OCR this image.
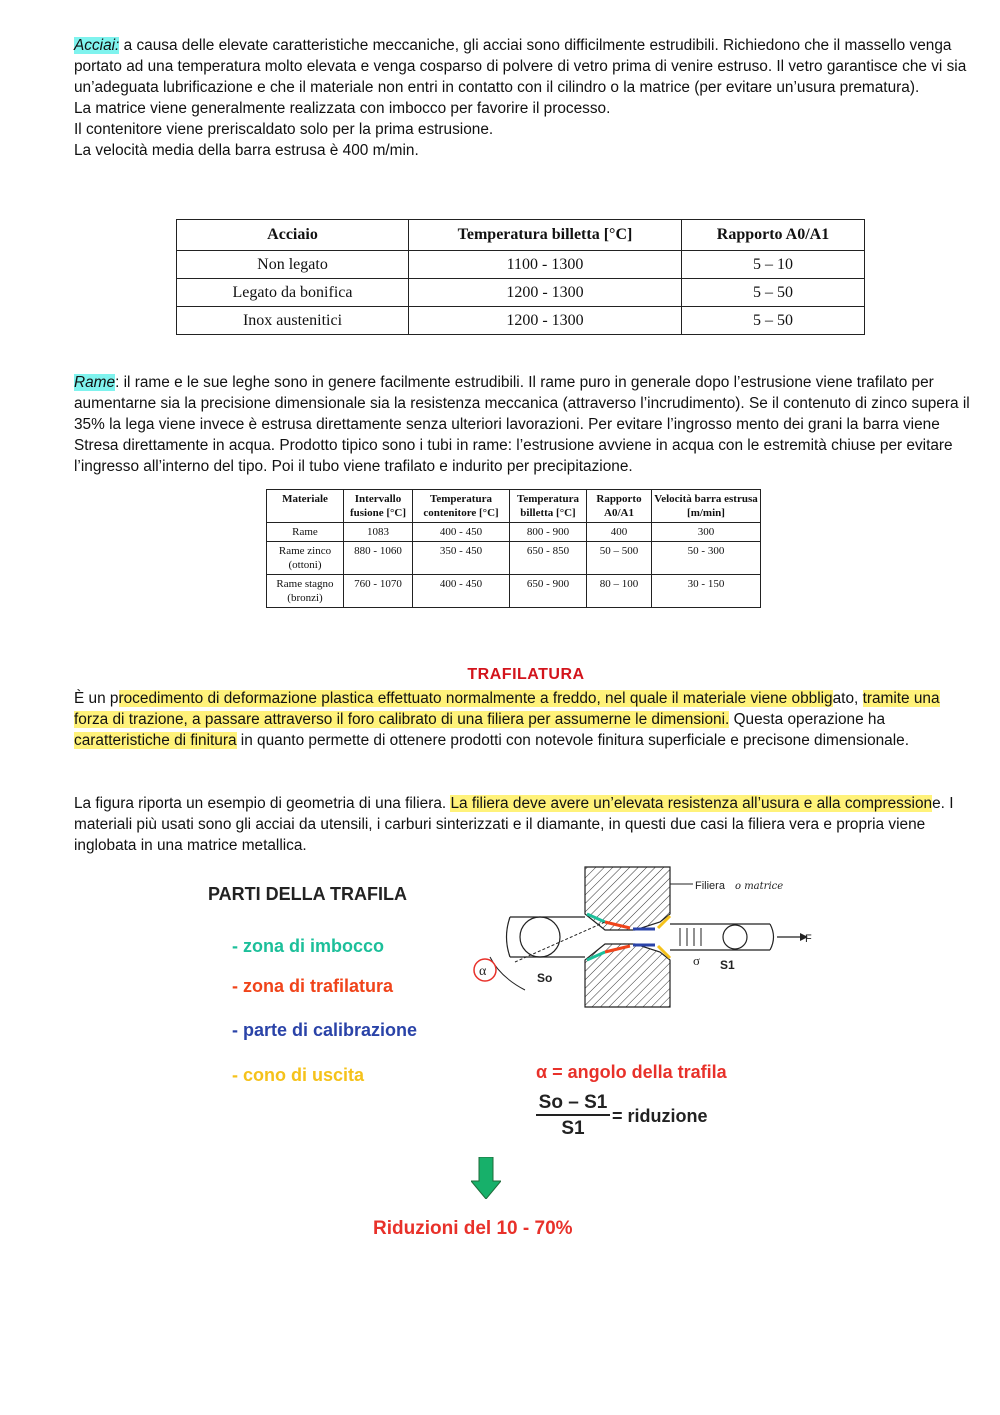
Acciai: a causa delle elevate caratteristiche meccaniche, gli acciai sono difficilmente estrudibili. Richiedono che il massello venga portato ad una temperatura molto elevata e venga cosparso di polvere di vetro prima di venire estruso. Il vetro garantisce che vi sia un’adeguata lubrificazione e che il materiale non entri in contatto con il cilindro o la matrice (per evitare un’usura prematura).

La matrice viene generalmente realizzata con imbocco per favorire il processo.

Il contenitore viene preriscaldato solo per la prima estrusione.

La velocità media della barra estrusa è 400 m/min.

Acciaio	Temperatura billetta [°C]	Rapporto A0/A1
Non legato	1100 - 1300	5 – 10
Legato da bonifica	1200 - 1300	5 – 50
Inox austenitici	1200 - 1300	5 – 50

Rame: il rame e le sue leghe sono in genere facilmente estrudibili. Il rame puro in generale dopo l’estrusione viene trafilato per aumentarne sia la precisione dimensionale sia la resistenza meccanica (attraverso l’incrudimento). Se il contenuto di zinco supera il 35% la lega viene invece è estrusa direttamente senza ulteriori lavorazioni. Per evitare l’ingrosso mento dei grani la barra viene Stresa direttamente in acqua. Prodotto tipico sono i tubi in rame: l’estrusione avviene in acqua con le estremità chiuse per evitare l’ingresso all’interno del tipo. Poi il tubo viene trafilato e indurito per precipitazione.

Materiale	Intervallo fusione [°C]	Temperatura contenitore [°C]	Temperatura billetta [°C]	Rapporto A0/A1	Velocità barra estrusa [m/min]
Rame	1083	400 - 450	800 - 900	400	300
Rame zinco (ottoni)	880 - 1060	350 - 450	650 - 850	50 – 500	50 - 300
Rame stagno (bronzi)	760 - 1070	400 - 450	650 - 900	80 – 100	30 - 150
TRAFILATURA

È un procedimento di deformazione plastica effettuato normalmente a freddo, nel quale il materiale viene obbligato, tramite una forza di trazione, a passare attraverso il foro calibrato di una filiera per assumerne le dimensioni. Questa operazione ha caratteristiche di finitura in quanto permette di ottenere prodotti con notevole finitura superficiale e precisone dimensionale.

La figura riporta un esempio di geometria di una filiera. La filiera deve avere un’elevata resistenza all’usura e alla compressione. I materiali più usati sono gli acciai da utensili, i carburi sinterizzati e il diamante, in questi due casi la filiera vera e propria viene inglobata in una matrice metallica.

PARTI DELLA TRAFILA
- zona di imbocco
- zona di trafilatura
- parte di calibrazione
- cono di uscita
α	So
σ S1
F
Filiera o matrice
α = angolo della trafila
$\frac{So - S1}{S1}$ = riduzione
Riduzioni del 10 - 70%
